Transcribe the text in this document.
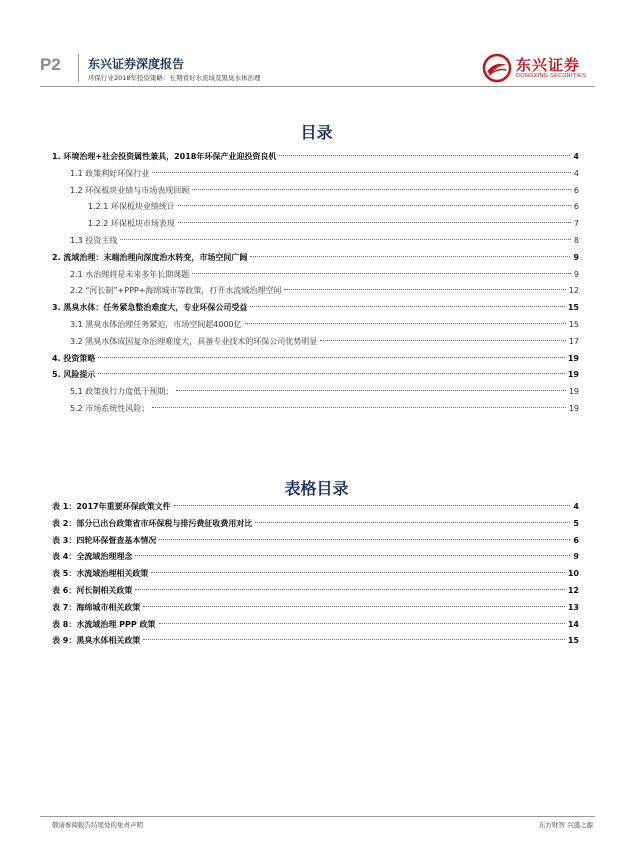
P2 东兴证券深度报告
环保行业2018年投资策略：长期看好水流域及黑臭水体治理
东兴证券
DONGXING SECURITIES
目录
1. 环境治理+社会投资属性兼具，2018年环保产业迎投资良机	4
1.1 政策利好环保行业	4
1.2 环保板块业绩与市场表现回顾	6
1.2.1 环保板块业绩统计	6
1.2.2 环保板块市场表现	7
1.3 投资主线	8
2. 流域治理：末端治理向深度治水转变，市场空间广阔	9
2.1 水治理将是未来多年长期课题	9
2.2 “河长制”+PPP+海绵城市等政策，打开水流域治理空间	12
3. 黑臭水体：任务紧急整治难度大，专业环保公司受益	15
3.1 黑臭水体治理任务紧迫，市场空间超4000亿	15
3.2 黑臭水体成因复杂治理难度大，具备专业技术的环保公司优势明显	17
4. 投资策略	19
5. 风险提示	19
5.1 政策执行力度低于预期；	19
5.2 市场系统性风险；	19
表格目录
表 1：2017年重要环保政策文件	4
表 2：部分已出台政策省市环保税与排污费征收费用对比	5
表 3：四轮环保督查基本情况	6
表 4：全流域治理理念	9
表 5：水流域治理相关政策	10
表 6：河长制相关政策	12
表 7：海绵城市相关政策	13
表 8：水流域治理 PPP 政策	14
表 9：黑臭水体相关政策	15
敬请参阅报告结尾处的免责声明	东方财智 兴盛之源
